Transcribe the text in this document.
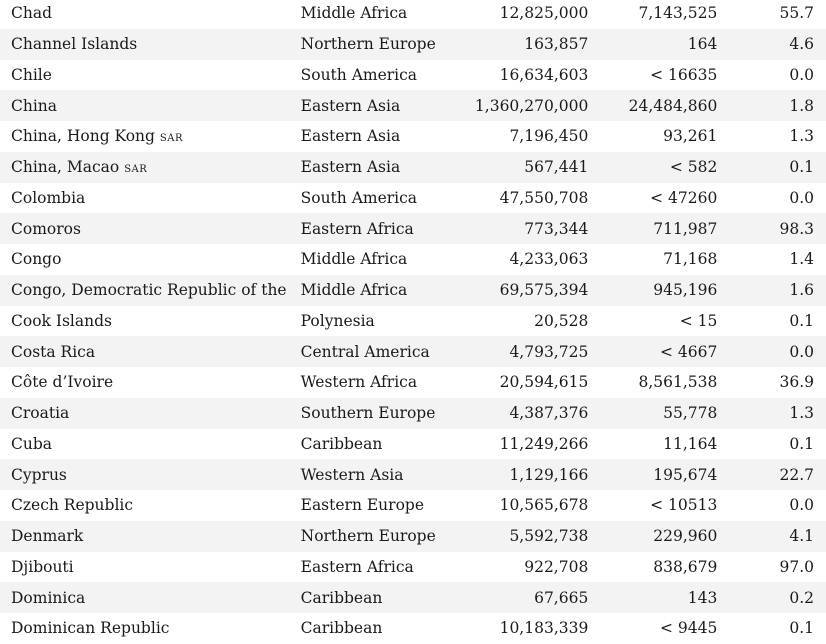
Chad	Middle Africa	12,825,000	7,143,525	55.7
Channel Islands	Northern Europe	163,857	164	4.6
Chile	South America	16,634,603	< 16635	0.0
China	Eastern Asia	1,360,270,000	24,484,860	1.8
China, Hong Kong sar	Eastern Asia	7,196,450	93,261	1.3
China, Macao sar	Eastern Asia	567,441	< 582	0.1
Colombia	South America	47,550,708	< 47260	0.0
Comoros	Eastern Africa	773,344	711,987	98.3
Congo	Middle Africa	4,233,063	71,168	1.4
Congo, Democratic Republic of the	Middle Africa	69,575,394	945,196	1.6
Cook Islands	Polynesia	20,528	< 15	0.1
Costa Rica	Central America	4,793,725	< 4667	0.0
Côte d’Ivoire	Western Africa	20,594,615	8,561,538	36.9
Croatia	Southern Europe	4,387,376	55,778	1.3
Cuba	Caribbean	11,249,266	11,164	0.1
Cyprus	Western Asia	1,129,166	195,674	22.7
Czech Republic	Eastern Europe	10,565,678	< 10513	0.0
Denmark	Northern Europe	5,592,738	229,960	4.1
Djibouti	Eastern Africa	922,708	838,679	97.0
Dominica	Caribbean	67,665	143	0.2
Dominican Republic	Caribbean	10,183,339	< 9445	0.1
